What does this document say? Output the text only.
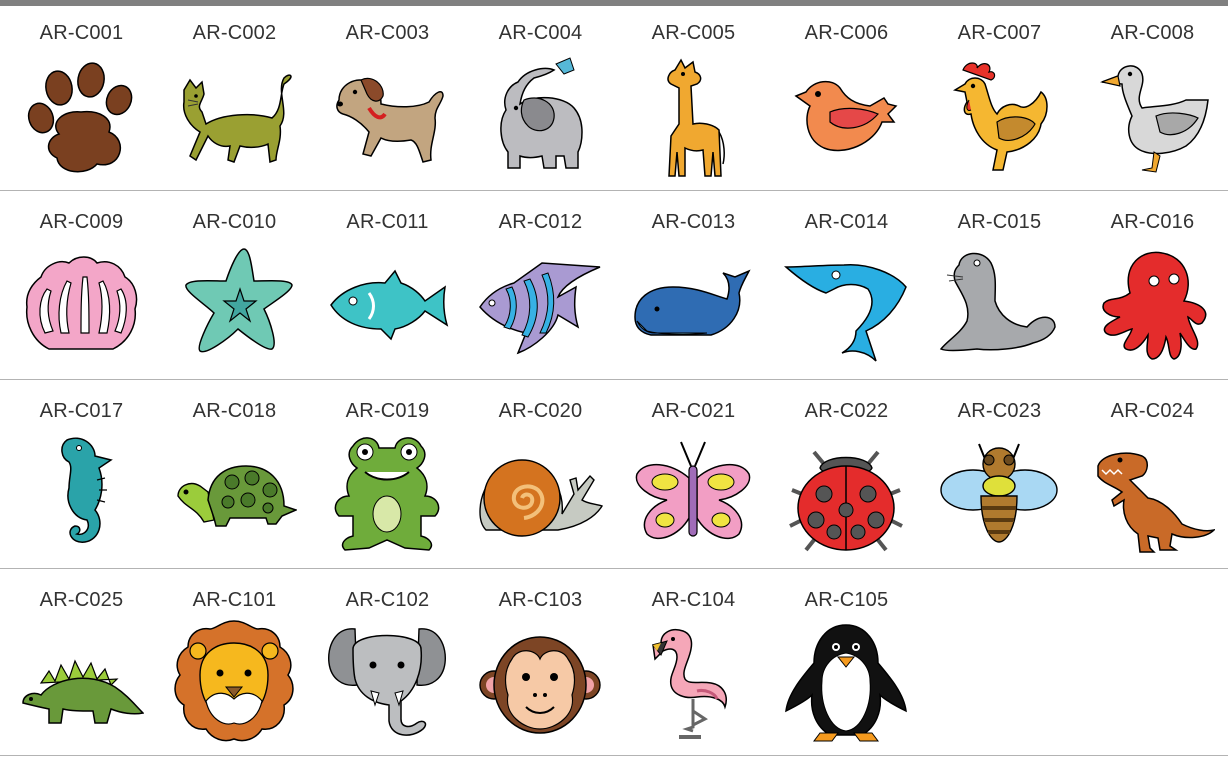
AR-C001	AR-C002	AR-C003	AR-C004	AR-C005	AR-C006	AR-C007	AR-C008
AR-C009	AR-C010	AR-C011	AR-C012	AR-C013	AR-C014	AR-C015	AR-C016
AR-C017	AR-C018	AR-C019	AR-C020	AR-C021	AR-C022	AR-C023	AR-C024
AR-C025	AR-C101	AR-C102	AR-C103	AR-C104	AR-C105
